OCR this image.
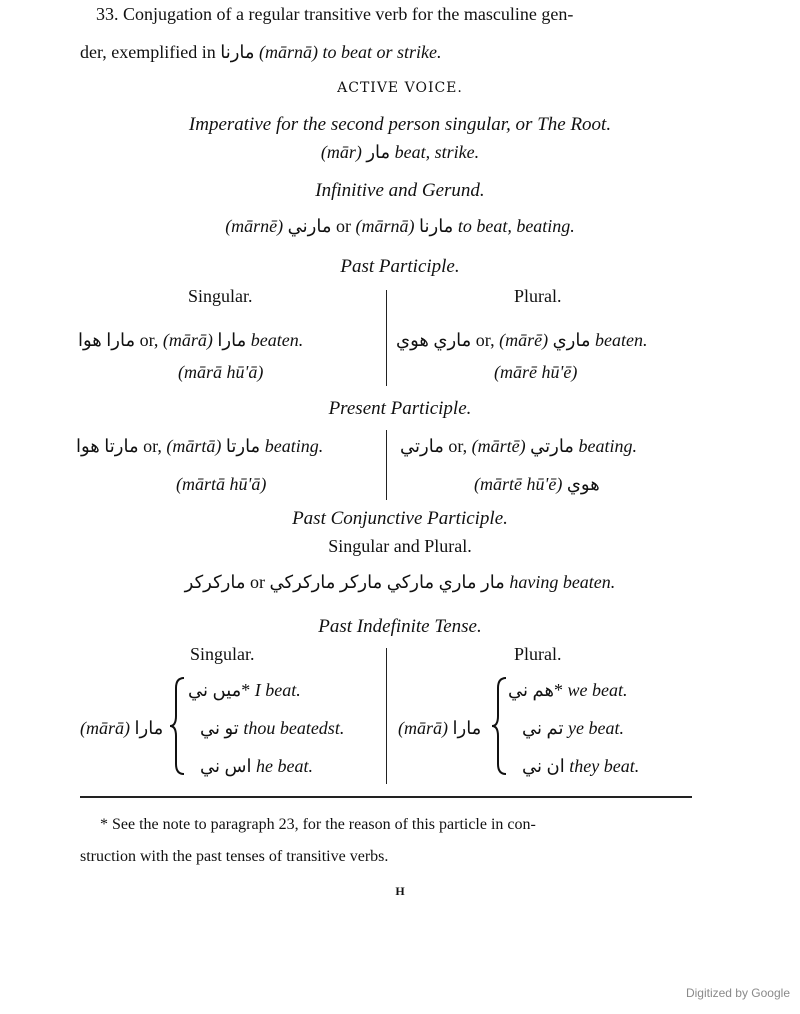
33. Conjugation of a regular transitive verb for the masculine gen-
der, exemplified in مارنا (mārnā) to beat or strike.
ACTIVE VOICE.
Imperative for the second person singular, or The Root.
(mār) مار beat, strike.
Infinitive and Gerund.
(mārnē) مارني or (mārnā) مارنا to beat, beating.
Past Participle.
Singular.	Plural.
مارا هوا or, (mārā) مارا beaten.
(mārā hū'ā)
ماري هوي or, (mārē) ماري beaten.
(mārē hū'ē)
Present Participle.
مارتا هوا or, (mārtā) مارتا beating.
(mārtā hū'ā)
مارتي or, (mārtē) مارتي beating.
(mārtē hū'ē) هوي
Past Conjunctive Participle.
Singular and Plural.
ماركركر or مار ماري ماركي ماركر ماركركي having beaten.
Past Indefinite Tense.
Singular.	Plural.
(mārā) مارا
*ميں ني I beat.
تو ني thou beatedst.
اس ني he beat.
(mārā) مارا
*هم ني we beat.
تم ني ye beat.
ان ني they beat.
* See the note to paragraph 23, for the reason of this particle in con-
struction with the past tenses of transitive verbs.
H
Digitized by Google
